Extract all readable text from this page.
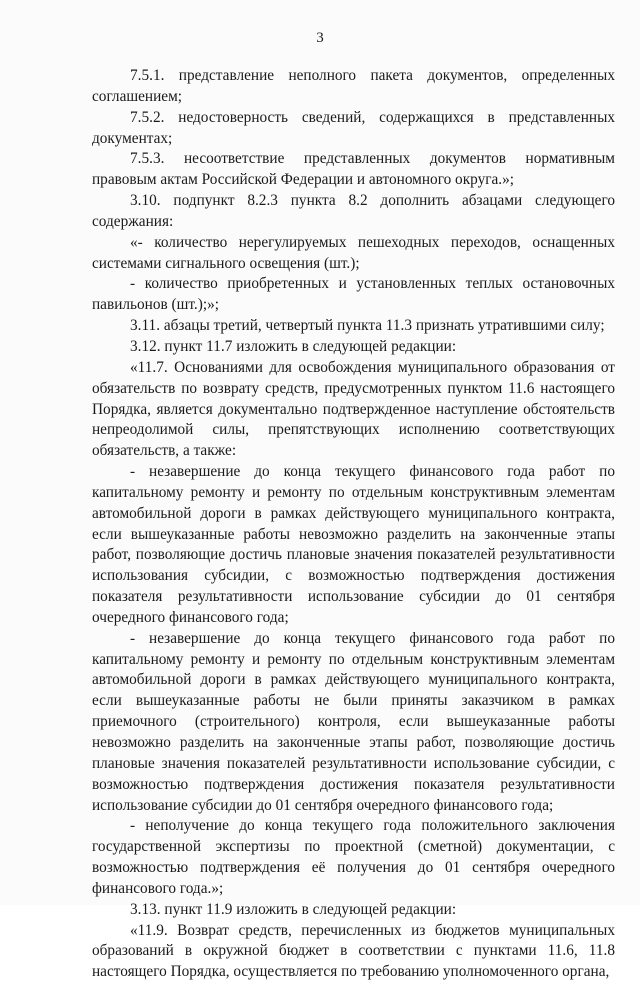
3

7.5.1. представление неполного пакета документов, определенных соглашением;

7.5.2. недостоверность сведений, содержащихся в представленных документах;

7.5.3. несоответствие представленных документов нормативным правовым актам Российской Федерации и автономного округа.»;

3.10. подпункт 8.2.3 пункта 8.2 дополнить абзацами следующего содержания:

«- количество нерегулируемых пешеходных переходов, оснащенных системами сигнального освещения (шт.);

- количество приобретенных и установленных теплых остановочных павильонов (шт.);»;

3.11. абзацы третий, четвертый пункта 11.3 признать утратившими силу;

3.12. пункт 11.7 изложить в следующей редакции:

«11.7. Основаниями для освобождения муниципального образования от обязательств по возврату средств, предусмотренных пунктом 11.6 настоящего Порядка, является документально подтвержденное наступление обстоятельств непреодолимой силы, препятствующих исполнению соответствующих обязательств, а также:

- незавершение до конца текущего финансового года работ по капитальному ремонту и ремонту по отдельным конструктивным элементам автомобильной дороги в рамках действующего муниципального контракта, если вышеуказанные работы невозможно разделить на законченные этапы работ, позволяющие достичь плановые значения показателей результативности использования субсидии, с возможностью подтверждения достижения показателя результативности использование субсидии до 01 сентября очередного финансового года;

- незавершение до конца текущего финансового года работ по капитальному ремонту и ремонту по отдельным конструктивным элементам автомобильной дороги в рамках действующего муниципального контракта, если вышеуказанные работы не были приняты заказчиком в рамках приемочного (строительного) контроля, если вышеуказанные работы невозможно разделить на законченные этапы работ, позволяющие достичь плановые значения показателей результативности использование субсидии, с возможностью подтверждения достижения показателя результативности использование субсидии до 01 сентября очередного финансового года;

- неполучение до конца текущего года положительного заключения государственной экспертизы по проектной (сметной) документации, с возможностью подтверждения её получения до 01 сентября очередного финансового года.»;

3.13. пункт 11.9 изложить в следующей редакции:

«11.9. Возврат средств, перечисленных из бюджетов муниципальных образований в окружной бюджет в соответствии с пунктами 11.6, 11.8 настоящего Порядка, осуществляется по требованию уполномоченного органа,
